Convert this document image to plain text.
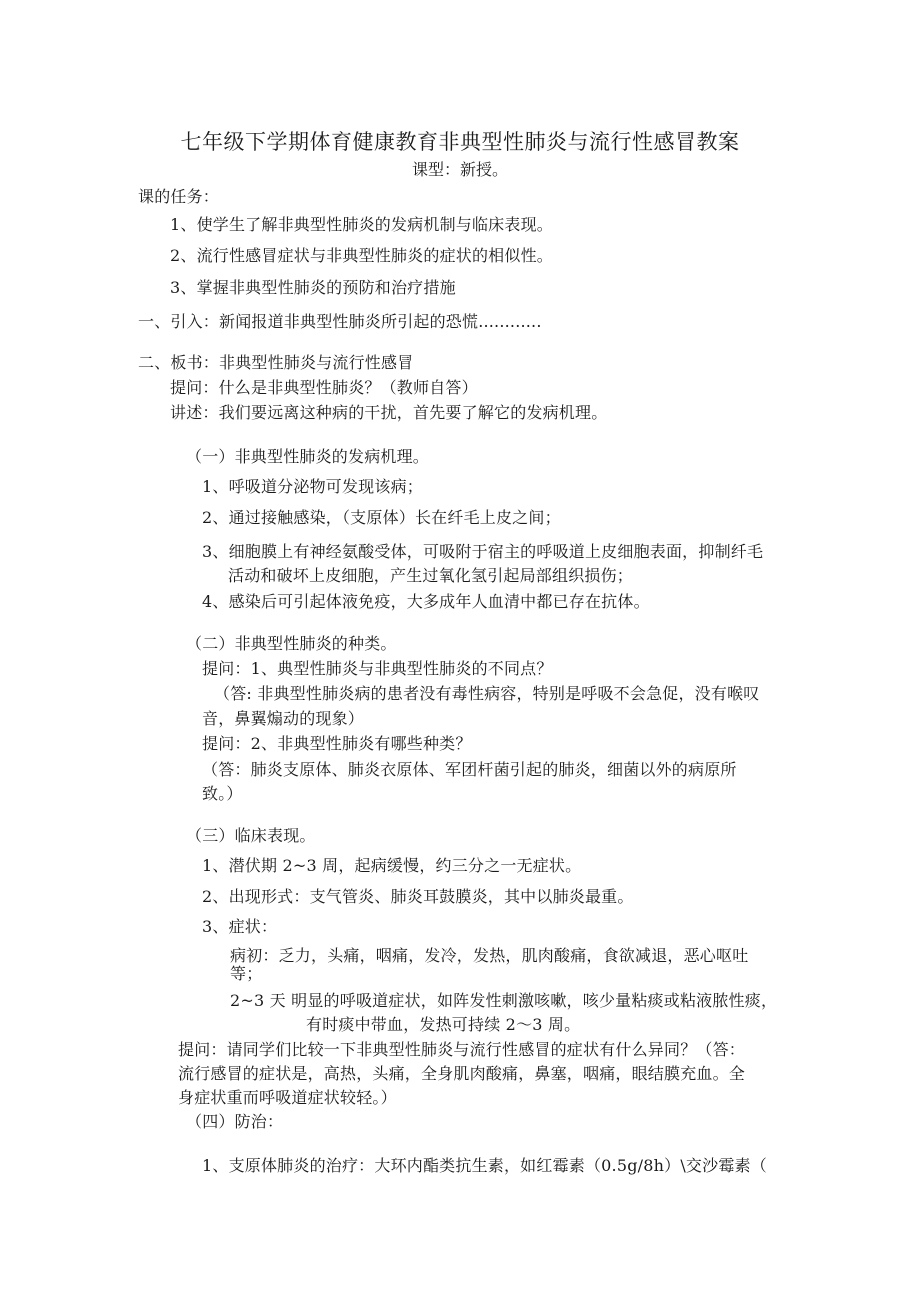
七年级下学期体育健康教育非典型性肺炎与流行性感冒教案
课型：新授。
课的任务：
1、使学生了解非典型性肺炎的发病机制与临床表现。
2、流行性感冒症状与非典型性肺炎的症状的相似性。
3、掌握非典型性肺炎的预防和治疗措施
一、引入：新闻报道非典型性肺炎所引起的恐慌............
二、板书：非典型性肺炎与流行性感冒
提问：什么是非典型性肺炎？（教师自答）
讲述：我们要远离这种病的干扰，首先要了解它的发病机理。
（一）非典型性肺炎的发病机理。
1、呼吸道分泌物可发现该病；
2、通过接触感染，（支原体）长在纤毛上皮之间；
3、细胞膜上有神经氨酸受体，可吸附于宿主的呼吸道上皮细胞表面，抑制纤毛
活动和破坏上皮细胞，产生过氧化氢引起局部组织损伤；
4、感染后可引起体液免疫，大多成年人血清中都已存在抗体。
（二）非典型性肺炎的种类。
提问：1、典型性肺炎与非典型性肺炎的不同点？
（答: 非典型性肺炎病的患者没有毒性病容，特别是呼吸不会急促，没有喉叹
音，鼻翼煽动的现象）
提问：2、非典型性肺炎有哪些种类？
（答：肺炎支原体、肺炎衣原体、军团杆菌引起的肺炎，细菌以外的病原所
致。）
（三）临床表现。
1、潜伏期 2~3 周，起病缓慢，约三分之一无症状。
2、出现形式：支气管炎、肺炎耳鼓膜炎，其中以肺炎最重。
3、症状：
病初：乏力，头痛，咽痛，发冷，发热，肌肉酸痛，食欲减退，恶心呕吐
等；
2~3 天 明显的呼吸道症状，如阵发性刺激咳嗽，咳少量粘痰或粘液脓性痰，
有时痰中带血，发热可持续 2～3 周。
提问：请同学们比较一下非典型性肺炎与流行性感冒的症状有什么异同？（答：
流行感冒的症状是，高热，头痛，全身肌肉酸痛，鼻塞，咽痛，眼结膜充血。全
身症状重而呼吸道症状较轻。）
（四）防治：
1、支原体肺炎的治疗：大环内酯类抗生素，如红霉素（0.5g/8h）\交沙霉素（
